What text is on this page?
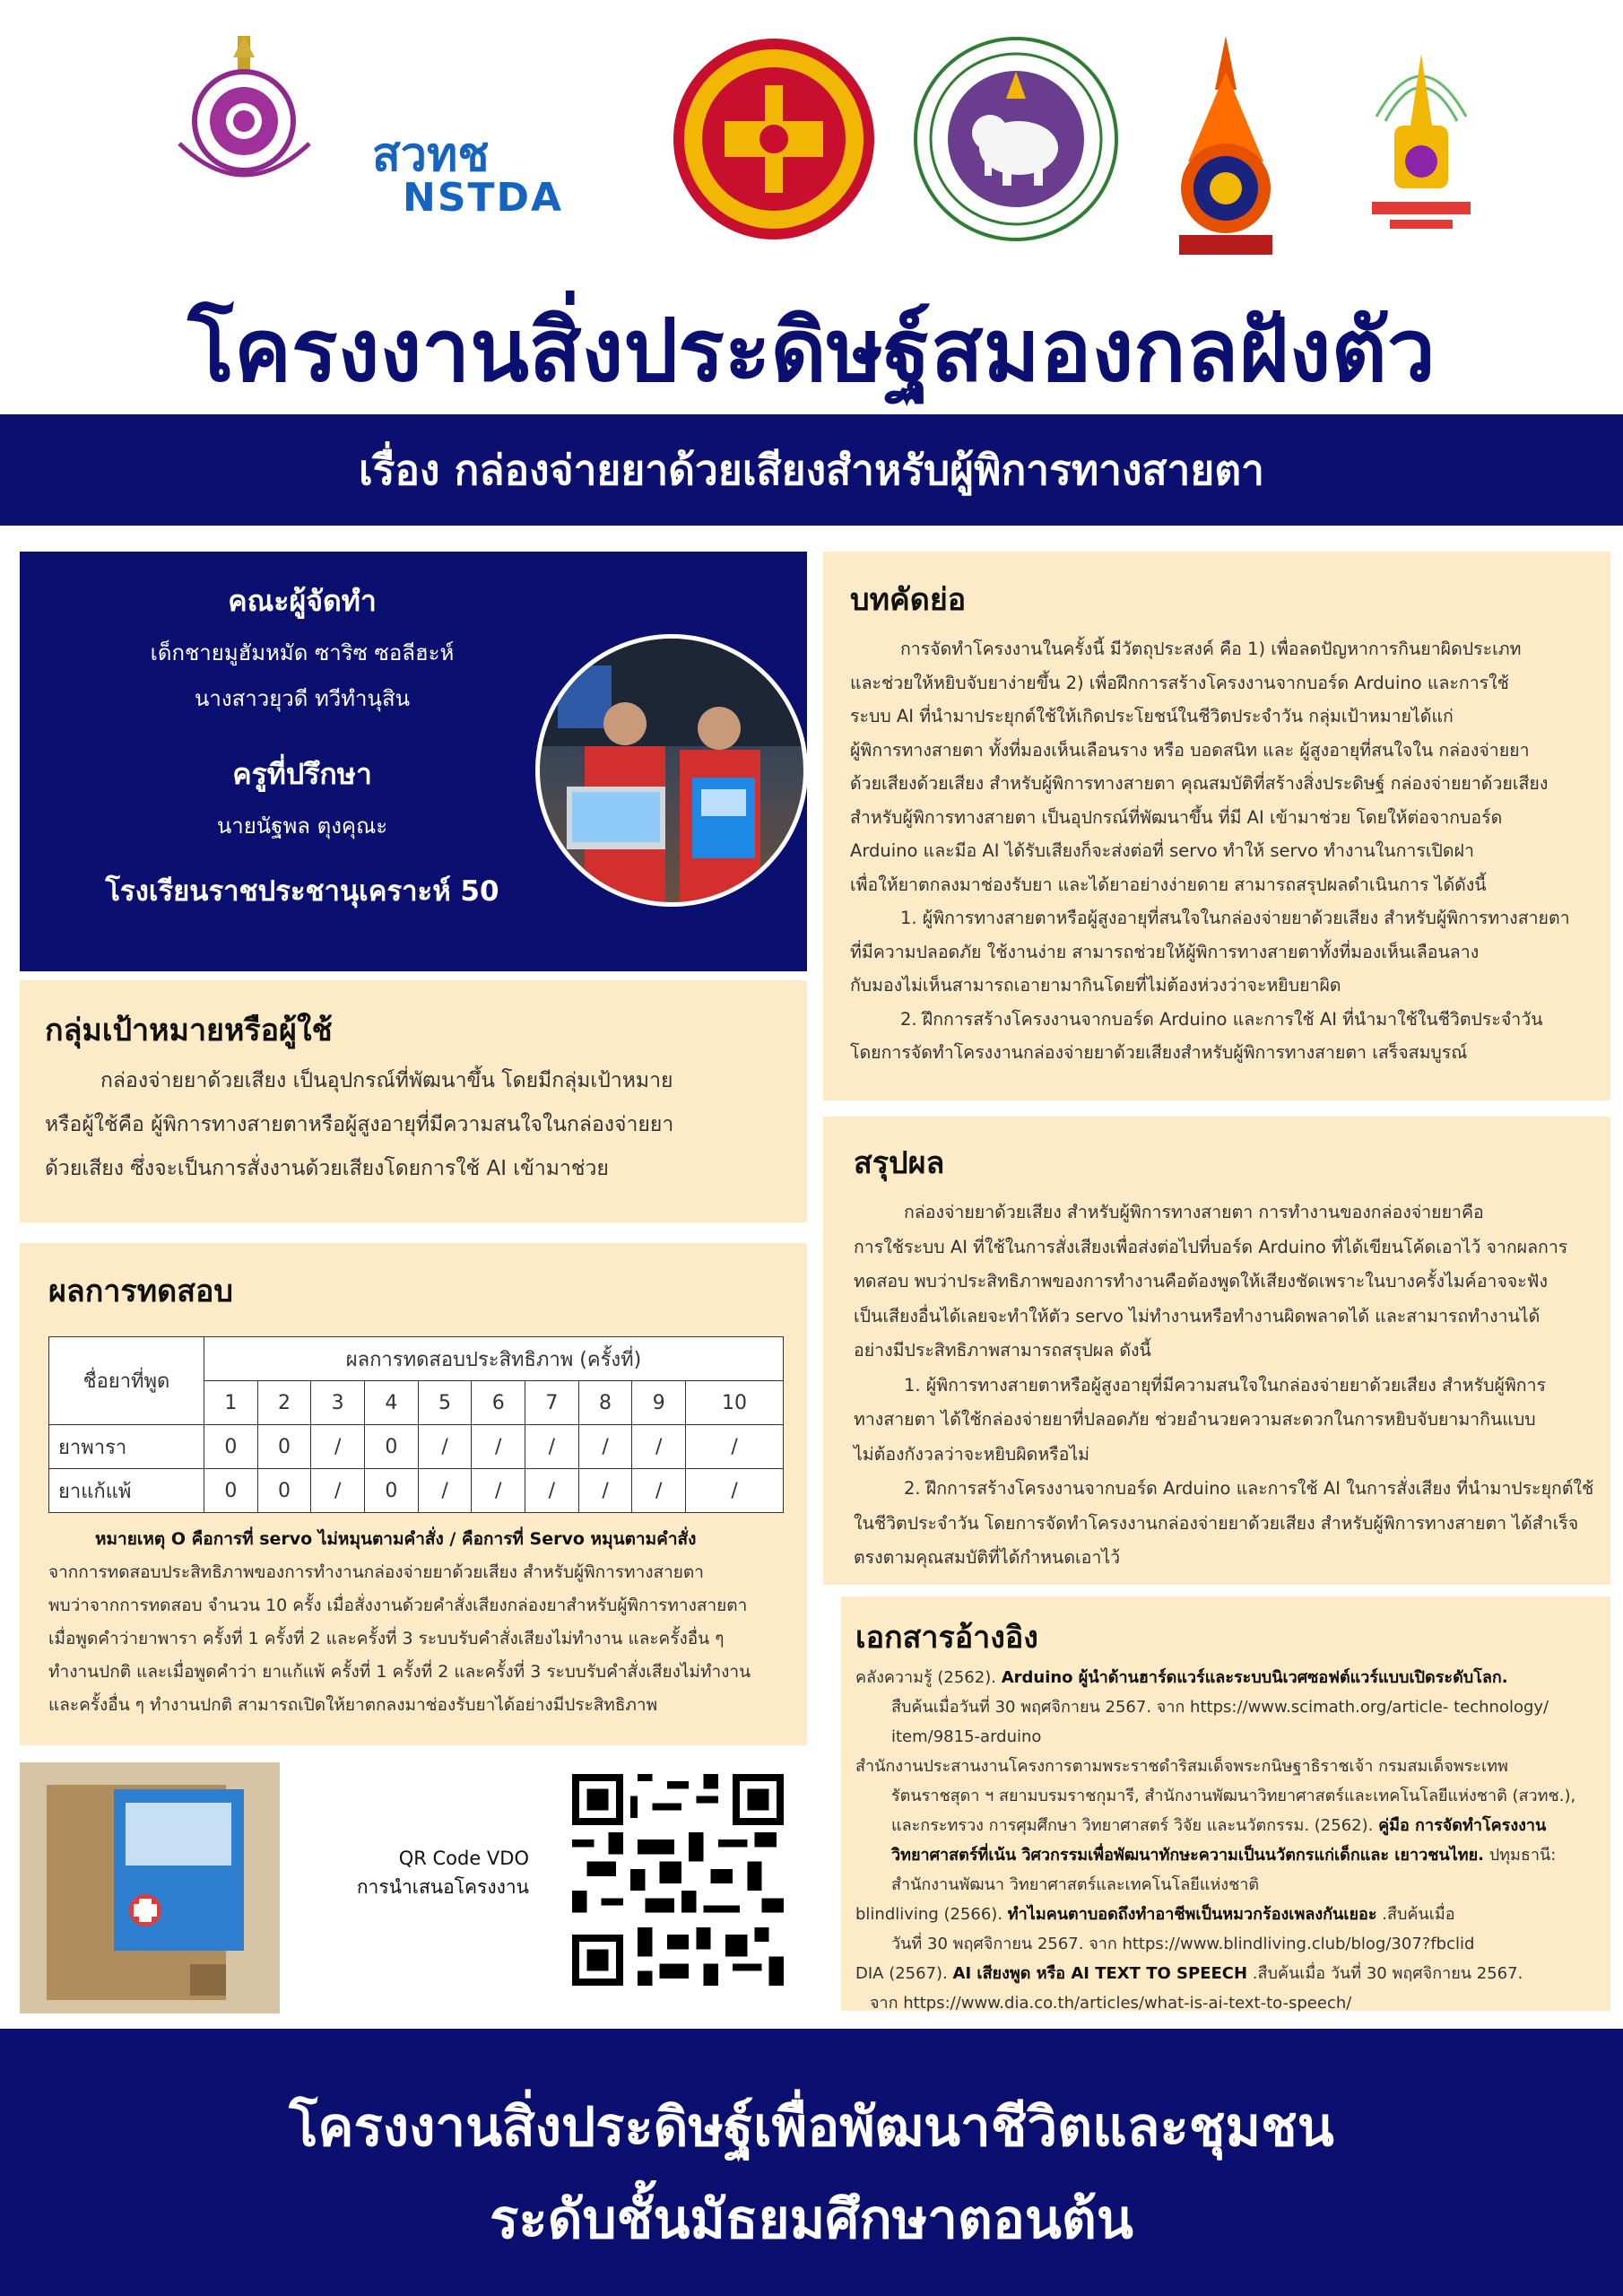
สวทช
NSTDA
โครงงานสิ่งประดิษฐ์สมองกลฝังตัว
เรื่อง กล่องจ่ายยาด้วยเสียงสำหรับผู้พิการทางสายตา
คณะผู้จัดทำ
เด็กชายมูฮัมหมัด ซาริซ ซอลีฮะห์
นางสาวยุวดี ทวีทำนุสิน
ครูที่ปรึกษา
นายนัฐพล ตุงคุณะ
โรงเรียนราชประชานุเคราะห์ 50
กลุ่มเป้าหมายหรือผู้ใช้
กล่องจ่ายยาด้วยเสียง เป็นอุปกรณ์ที่พัฒนาขึ้น โดยมีกลุ่มเป้าหมาย
หรือผู้ใช้คือ ผู้พิการทางสายตาหรือผู้สูงอายุที่มีความสนใจในกล่องจ่ายยา
ด้วยเสียง ซึ่งจะเป็นการสั่งงานด้วยเสียงโดยการใช้ AI เข้ามาช่วย
ผลการทดสอบ
ชื่อยาที่พูด	ผลการทดสอบประสิทธิภาพ (ครั้งที่)									
	1	2	3	4	5	6	7	8	9	10
ยาพารา	0	0	/	0	/	/	/	/	/	/
ยาแก้แพ้	0	0	/	0	/	/	/	/	/	/
หมายเหตุ O คือการที่ servo ไม่หมุนตามคำสั่ง / คือการที่ Servo หมุนตามคำสั่ง
จากการทดสอบประสิทธิภาพของการทำงานกล่องจ่ายยาด้วยเสียง สำหรับผู้พิการทางสายตา
พบว่าจากการทดสอบ จำนวน 10 ครั้ง เมื่อสั่งงานด้วยคำสั่งเสียงกล่องยาสำหรับผู้พิการทางสายตา
เมื่อพูดคำว่ายาพารา ครั้งที่ 1 ครั้งที่ 2 และครั้งที่ 3 ระบบรับคำสั่งเสียงไม่ทำงาน และครั้งอื่น ๆ
ทำงานปกติ และเมื่อพูดคำว่า ยาแก้แพ้ ครั้งที่ 1 ครั้งที่ 2 และครั้งที่ 3 ระบบรับคำสั่งเสียงไม่ทำงาน
และครั้งอื่น ๆ ทำงานปกติ สามารถเปิดให้ยาตกลงมาช่องรับยาได้อย่างมีประสิทธิภาพ
QR Code VDO
การนำเสนอโครงงาน
บทคัดย่อ
การจัดทำโครงงานในครั้งนี้ มีวัตถุประสงค์ คือ 1) เพื่อลดปัญหาการกินยาผิดประเภท
และช่วยให้หยิบจับยาง่ายขึ้น 2) เพื่อฝึกการสร้างโครงงานจากบอร์ด Arduino และการใช้
ระบบ AI ที่นำมาประยุกต์ใช้ให้เกิดประโยชน์ในชีวิตประจำวัน กลุ่มเป้าหมายได้แก่
ผู้พิการทางสายตา ทั้งที่มองเห็นเลือนราง หรือ บอดสนิท และ ผู้สูงอายุที่สนใจใน กล่องจ่ายยา
ด้วยเสียงด้วยเสียง สำหรับผู้พิการทางสายตา คุณสมบัติที่สร้างสิ่งประดิษฐ์ กล่องจ่ายยาด้วยเสียง
สำหรับผู้พิการทางสายตา เป็นอุปกรณ์ที่พัฒนาขึ้น ที่มี AI เข้ามาช่วย โดยให้ต่อจากบอร์ด
Arduino และมีอ AI ได้รับเสียงก็จะส่งต่อที่ servo ทำให้ servo ทำงานในการเปิดฝา
เพื่อให้ยาตกลงมาช่องรับยา และได้ยาอย่างง่ายดาย สามารถสรุปผลดำเนินการ ได้ดังนี้
1. ผู้พิการทางสายตาหรือผู้สูงอายุที่สนใจในกล่องจ่ายยาด้วยเสียง สำหรับผู้พิการทางสายตา
ที่มีความปลอดภัย ใช้งานง่าย สามารถช่วยให้ผู้พิการทางสายตาทั้งที่มองเห็นเลือนลาง
กับมองไม่เห็นสามารถเอายามากินโดยที่ไม่ต้องห่วงว่าจะหยิบยาผิด
2. ฝึกการสร้างโครงงานจากบอร์ด Arduino และการใช้ AI ที่นำมาใช้ในชีวิตประจำวัน
โดยการจัดทำโครงงานกล่องจ่ายยาด้วยเสียงสำหรับผู้พิการทางสายตา เสร็จสมบูรณ์
สรุปผล
กล่องจ่ายยาด้วยเสียง สำหรับผู้พิการทางสายตา การทำงานของกล่องจ่ายยาคือ
การใช้ระบบ AI ที่ใช้ในการสั่งเสียงเพื่อส่งต่อไปที่บอร์ด Arduino ที่ได้เขียนโค้ดเอาไว้ จากผลการ
ทดสอบ พบว่าประสิทธิภาพของการทำงานคือต้องพูดให้เสียงชัดเพราะในบางครั้งไมค์อาจจะฟัง
เป็นเสียงอื่นได้เลยจะทำให้ตัว servo ไม่ทำงานหรือทำงานผิดพลาดได้ และสามารถทำงานได้
อย่างมีประสิทธิภาพสามารถสรุปผล ดังนี้
1. ผู้พิการทางสายตาหรือผู้สูงอายุที่มีความสนใจในกล่องจ่ายยาด้วยเสียง สำหรับผู้พิการ
ทางสายตา ได้ใช้กล่องจ่ายยาที่ปลอดภัย ช่วยอำนวยความสะดวกในการหยิบจับยามากินแบบ
ไม่ต้องกังวลว่าจะหยิบผิดหรือไม่
2. ฝึกการสร้างโครงงานจากบอร์ด Arduino และการใช้ AI ในการสั่งเสียง ที่นำมาประยุกต์ใช้
ในชีวิตประจำวัน โดยการจัดทำโครงงานกล่องจ่ายยาด้วยเสียง สำหรับผู้พิการทางสายตา ได้สำเร็จ
ตรงตามคุณสมบัติที่ได้กำหนดเอาไว้
เอกสารอ้างอิง
คลังความรู้ (2562). Arduino ผู้นำด้านฮาร์ดแวร์และระบบนิเวศซอฟต์แวร์แบบเปิดระดับโลก.
สืบค้นเมื่อวันที่ 30 พฤศจิกายน 2567. จาก https://www.scimath.org/article- technology/
item/9815-arduino
สำนักงานประสานงานโครงการตามพระราชดำริสมเด็จพระกนิษฐาธิราชเจ้า กรมสมเด็จพระเทพ
รัตนราชสุดา ฯ สยามบรมราชกุมารี, สำนักงานพัฒนาวิทยาศาสตร์และเทคโนโลยีแห่งชาติ (สวทช.),
และกระทรวง การศุมศึกษา วิทยาศาสตร์ วิจัย และนวัตกรรม. (2562). คู่มือ การจัดทำโครงงาน
วิทยาศาสตร์ที่เน้น วิศวกรรมเพื่อพัฒนาทักษะความเป็นนวัตกรแก่เด็กและ เยาวชนไทย. ปทุมธานี:
สำนักงานพัฒนา วิทยาศาสตร์และเทคโนโลยีแห่งชาติ
blindliving (2566). ทำไมคนตาบอดถึงทำอาชีพเป็นหมวกร้องเพลงกันเยอะ .สืบค้นเมื่อ
วันที่ 30 พฤศจิกายน 2567. จาก https://www.blindliving.club/blog/307?fbclid
DIA (2567). AI เสียงพูด หรือ AI TEXT TO SPEECH .สืบค้นเมื่อ วันที่ 30 พฤศจิกายน 2567.
จาก https://www.dia.co.th/articles/what-is-ai-text-to-speech/
โครงงานสิ่งประดิษฐ์เพื่อพัฒนาชีวิตและชุมชน
ระดับชั้นมัธยมศึกษาตอนต้น
